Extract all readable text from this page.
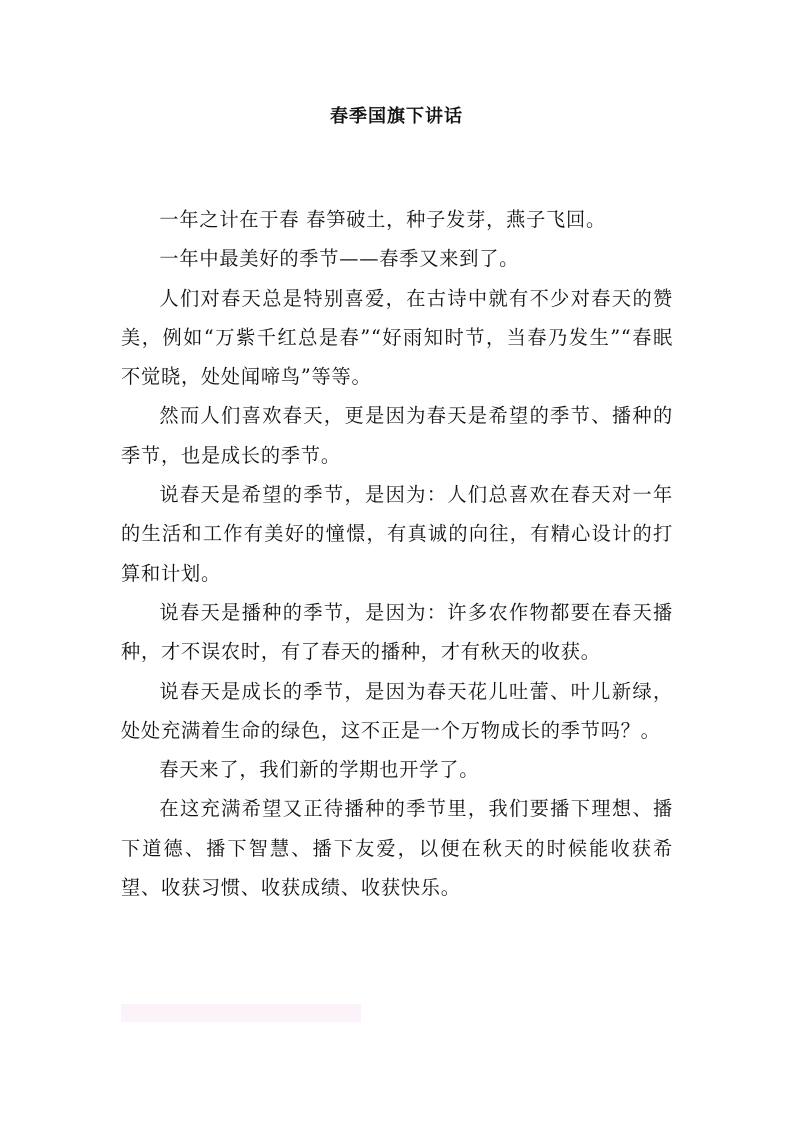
春季国旗下讲话

一年之计在于春 春笋破土，种子发芽，燕子飞回。

一年中最美好的季节——春季又来到了。

人们对春天总是特别喜爱，在古诗中就有不少对春天的赞美，例如“万紫千红总是春”“好雨知时节，当春乃发生”“春眠不觉晓，处处闻啼鸟”等等。

然而人们喜欢春天，更是因为春天是希望的季节、播种的季节，也是成长的季节。

说春天是希望的季节，是因为：人们总喜欢在春天对一年的生活和工作有美好的憧憬，有真诚的向往，有精心设计的打算和计划。

说春天是播种的季节，是因为：许多农作物都要在春天播种，才不误农时，有了春天的播种，才有秋天的收获。

说春天是成长的季节，是因为春天花儿吐蕾、叶儿新绿，处处充满着生命的绿色，这不正是一个万物成长的季节吗？。

春天来了，我们新的学期也开学了。

在这充满希望又正待播种的季节里，我们要播下理想、播下道德、播下智慧、播下友爱，以便在秋天的时候能收获希望、收获习惯、收获成绩、收获快乐。
